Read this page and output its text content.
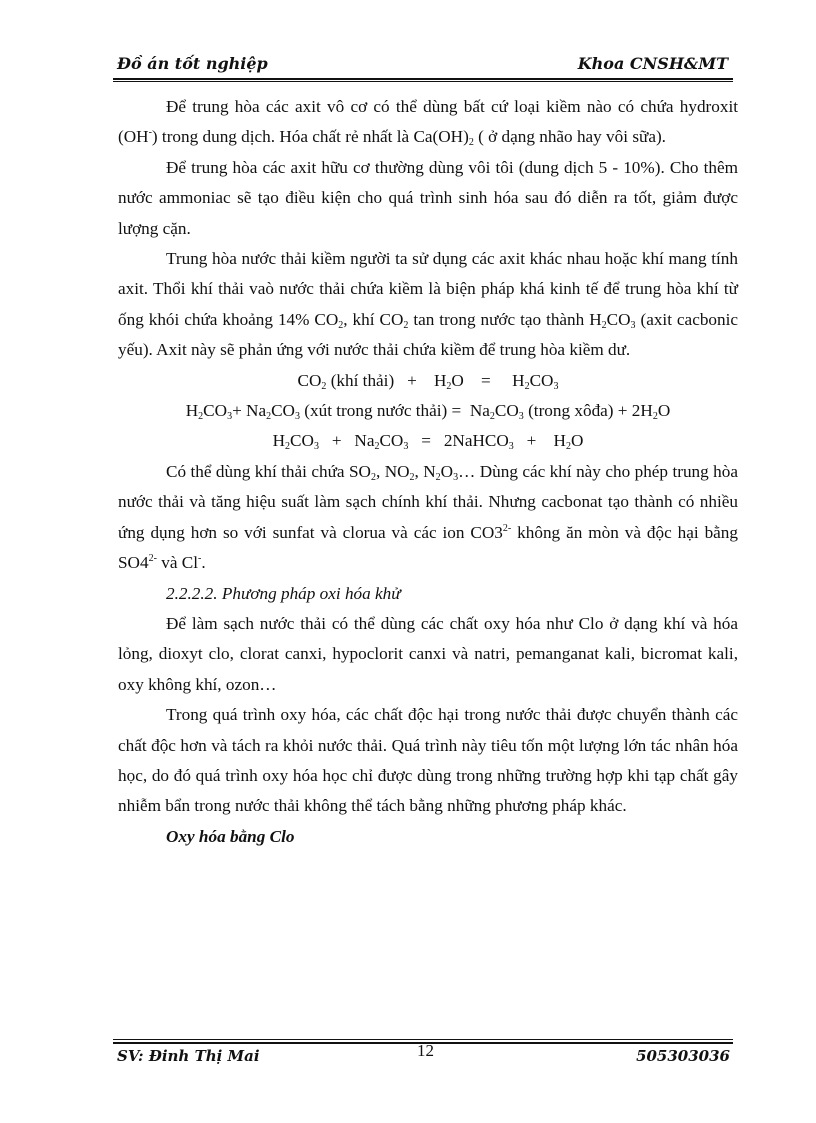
Đồ án tốt nghiệp	Khoa CNSH&MT

Để trung hòa các axit vô cơ có thể dùng bất cứ loại kiềm nào có chứa hydroxit (OH-) trong dung dịch. Hóa chất rẻ nhất là $Ca(OH)_2$ ( ở dạng nhão hay vôi sữa).

Để trung hòa các axit hữu cơ thường dùng vôi tôi (dung dịch 5 - 10%). Cho thêm nước ammoniac sẽ tạo điều kiện cho quá trình sinh hóa sau đó diễn ra tốt, giảm được lượng cặn.

Trung hòa nước thải kiềm người ta sử dụng các axit khác nhau hoặc khí mang tính axit. Thổi khí thải vaò nước thải chứa kiềm là biện pháp khá kinh tế để trung hòa khí từ ống khói chứa khoảng 14% $CO_2$, khí $CO_2$ tan trong nước tạo thành $H_2CO_3$ (axit cacbonic yếu). Axit này sẽ phản ứng với nước thải chứa kiềm để trung hòa kiềm dư.

$CO_2$ (khí thải)   +    $H_2O$    =     $H_2CO_3$

$H_2CO_3+ Na_2CO_3$ (xút trong nước thải) =  $Na_2CO_3$ (trong xôđa) + $2H_2O$

$H_2CO_3 + Na_2CO_3$   =   2NaHCO$_3$   +    $H_2O$

Có thể dùng khí thải chứa $SO_2$, $NO_2$, $N_2O_3\dots$ Dùng các khí này cho phép trung hòa nước thải và tăng hiệu suất làm sạch chính khí thải. Nhưng cacbonat tạo thành có nhiều ứng dụng hơn so với sunfat và clorua và các ion $CO3^{2-}$ không ăn mòn và độc hại bằng $SO4^{2-}$ và Cl-.

2.2.2.2. Phương pháp oxi hóa khử

Để làm sạch nước thải có thể dùng các chất oxy hóa như Clo ở dạng khí và hóa lỏng, dioxyt clo, clorat canxi, hypoclorit canxi và natri, pemanganat kali, bicromat kali, oxy không khí, ozon…

Trong quá trình oxy hóa, các chất độc hại trong nước thải được chuyển thành các chất độc hơn và tách ra khỏi nước thải. Quá trình này tiêu tốn một lượng lớn tác nhân hóa học, do đó quá trình oxy hóa học chỉ được dùng trong những trường hợp khi tạp chất gây nhiễm bẩn trong nước thải không thể tách bằng những phương pháp khác.

Oxy hóa bằng Clo

SV: Đinh Thị Mai	12	505303036
